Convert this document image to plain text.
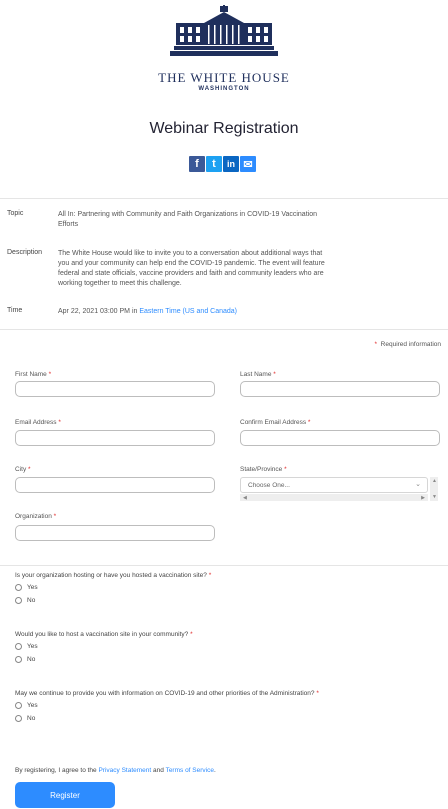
THE WHITE HOUSE
WASHINGTON
Webinar Registration
f t in ✉
Topic	All In: Partnering with Community and Faith Organizations in COVID-19 Vaccination Efforts
Description The White House would like to invite you to a conversation about additional ways that you and your community can help end the COVID-19 pandemic. The event will feature federal and state officials, vaccine providers and faith and community leaders who are working together to meet this challenge.
Time	Apr 22, 2021 03:00 PM in Eastern Time (US and Canada)
* Required information
First Name *	Last Name *
Email Address *	Confirm Email Address *
City *	State/Province *
Choose One...	⌄
◀	▶
▲
▼
Organization *
Is your organization hosting or have you hosted a vaccination site? *
Yes
No
Would you like to host a vaccination site in your community? *
Yes
No
May we continue to provide you with information on COVID-19 and other priorities of the Administration? *
Yes
No
By registering, I agree to the Privacy Statement and Terms of Service.
Register
